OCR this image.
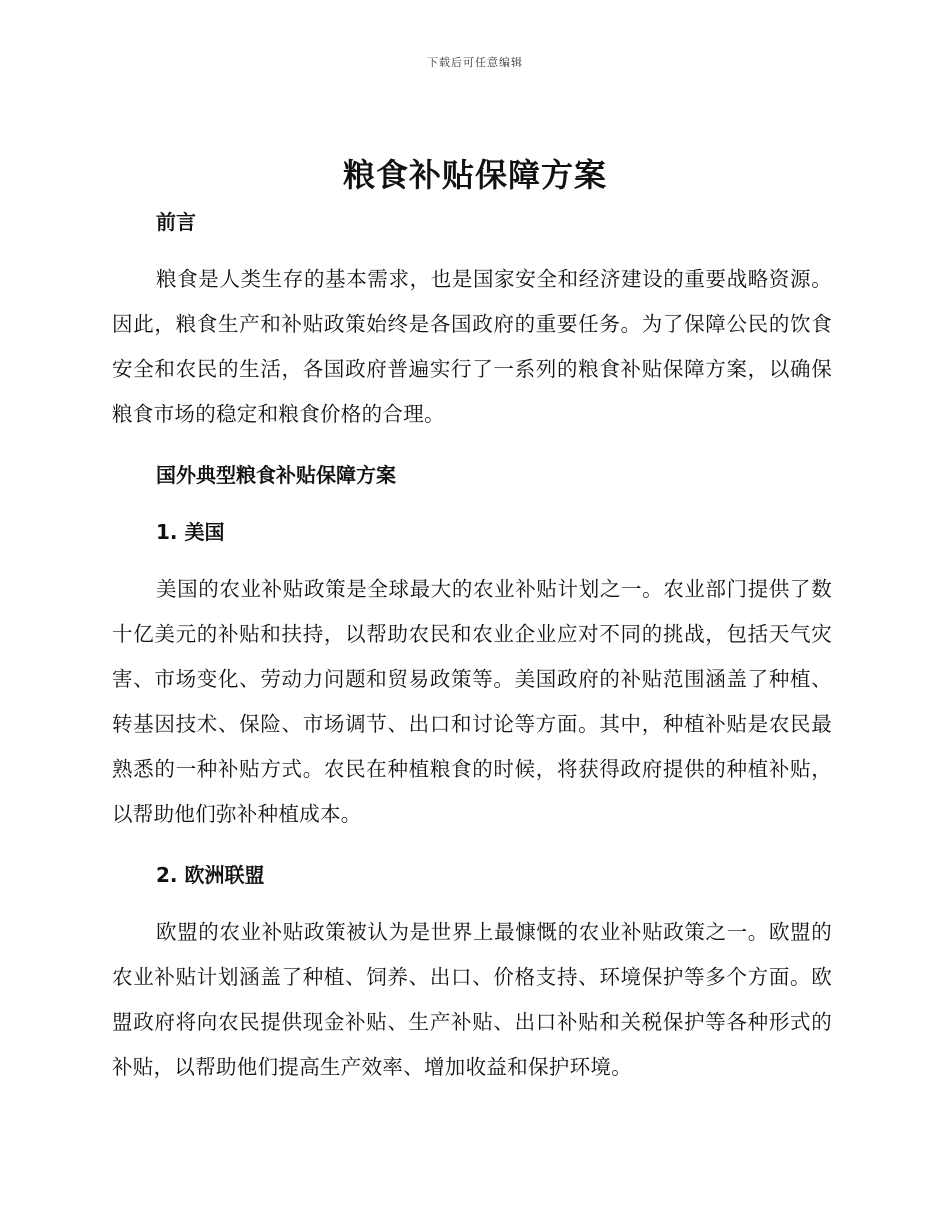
下载后可任意编辑
粮食补贴保障方案

前言

粮食是人类生存的基本需求，也是国家安全和经济建设的重要战略资源。因此，粮食生产和补贴政策始终是各国政府的重要任务。为了保障公民的饮食安全和农民的生活，各国政府普遍实行了一系列的粮食补贴保障方案，以确保粮食市场的稳定和粮食价格的合理。

国外典型粮食补贴保障方案

1. 美国

美国的农业补贴政策是全球最大的农业补贴计划之一。农业部门提供了数十亿美元的补贴和扶持，以帮助农民和农业企业应对不同的挑战，包括天气灾害、市场变化、劳动力问题和贸易政策等。美国政府的补贴范围涵盖了种植、转基因技术、保险、市场调节、出口和讨论等方面。其中，种植补贴是农民最熟悉的一种补贴方式。农民在种植粮食的时候，将获得政府提供的种植补贴，以帮助他们弥补种植成本。

2. 欧洲联盟

欧盟的农业补贴政策被认为是世界上最慷慨的农业补贴政策之一。欧盟的农业补贴计划涵盖了种植、饲养、出口、价格支持、环境保护等多个方面。欧盟政府将向农民提供现金补贴、生产补贴、出口补贴和关税保护等各种形式的补贴，以帮助他们提高生产效率、增加收益和保护环境。
